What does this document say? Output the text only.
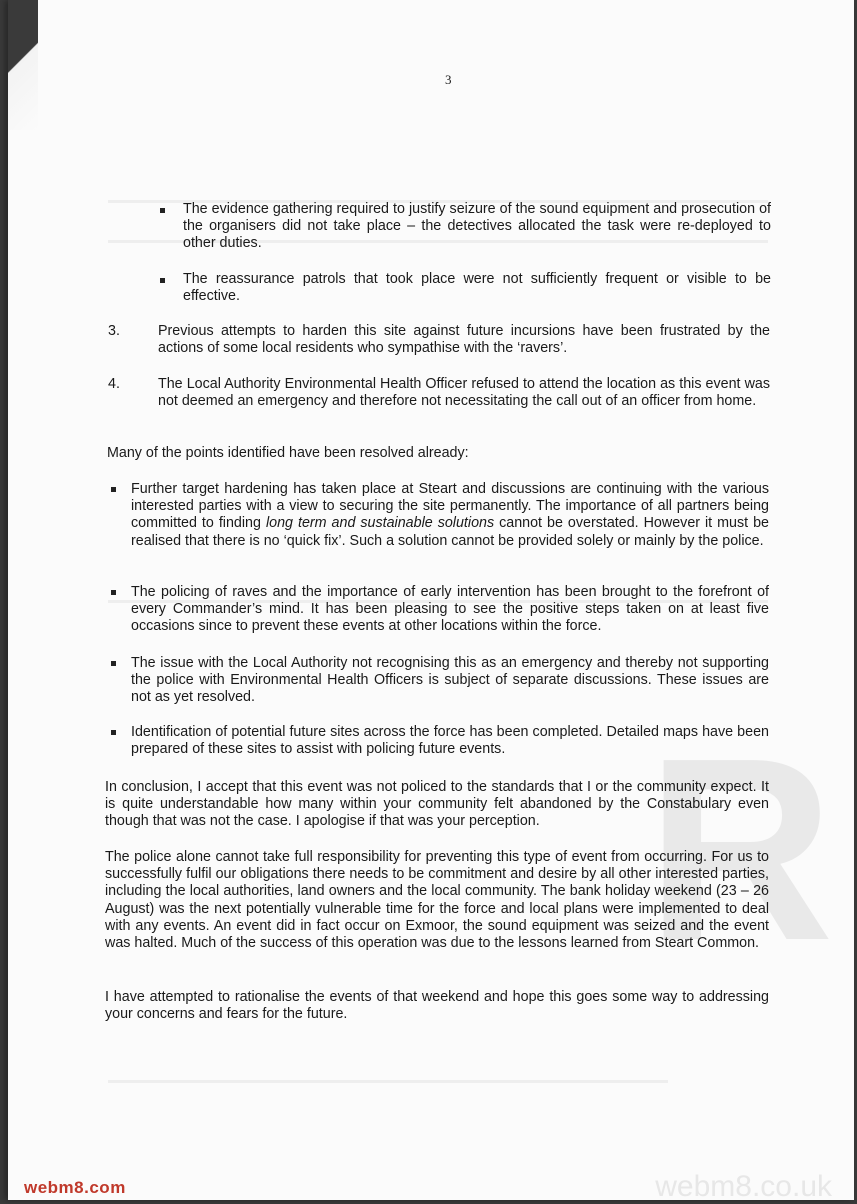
R
3
The evidence gathering required to justify seizure of the sound equipment and prosecution of the organisers did not take place – the detectives allocated the task were re-deployed to other duties.
The reassurance patrols that took place were not sufficiently frequent or visible to be effective.
3.	Previous attempts to harden this site against future incursions have been frustrated by the actions of some local residents who sympathise with the ‘ravers’.
4.	The Local Authority Environmental Health Officer refused to attend the location as this event was not deemed an emergency and therefore not necessitating the call out of an officer from home.
Many of the points identified have been resolved already:
Further target hardening has taken place at Steart and discussions are continuing with the various interested parties with a view to securing the site permanently. The importance of all partners being committed to finding long term and sustainable solutions cannot be overstated. However it must be realised that there is no ‘quick fix’. Such a solution cannot be provided solely or mainly by the police.
The policing of raves and the importance of early intervention has been brought to the forefront of every Commander’s mind. It has been pleasing to see the positive steps taken on at least five occasions since to prevent these events at other locations within the force.
The issue with the Local Authority not recognising this as an emergency and thereby not supporting the police with Environmental Health Officers is subject of separate discussions. These issues are not as yet resolved.
Identification of potential future sites across the force has been completed. Detailed maps have been prepared of these sites to assist with policing future events.
In conclusion, I accept that this event was not policed to the standards that I or the community expect. It is quite understandable how many within your community felt abandoned by the Constabulary even though that was not the case. I apologise if that was your perception.
The police alone cannot take full responsibility for preventing this type of event from occurring. For us to successfully fulfil our obligations there needs to be commitment and desire by all other interested parties, including the local authorities, land owners and the local community. The bank holiday weekend (23 – 26 August) was the next potentially vulnerable time for the force and local plans were implemented to deal with any events. An event did in fact occur on Exmoor, the sound equipment was seized and the event was halted. Much of the success of this operation was due to the lessons learned from Steart Common.
I have attempted to rationalise the events of that weekend and hope this goes some way to addressing your concerns and fears for the future.
webm8.co.uk
webm8.com
